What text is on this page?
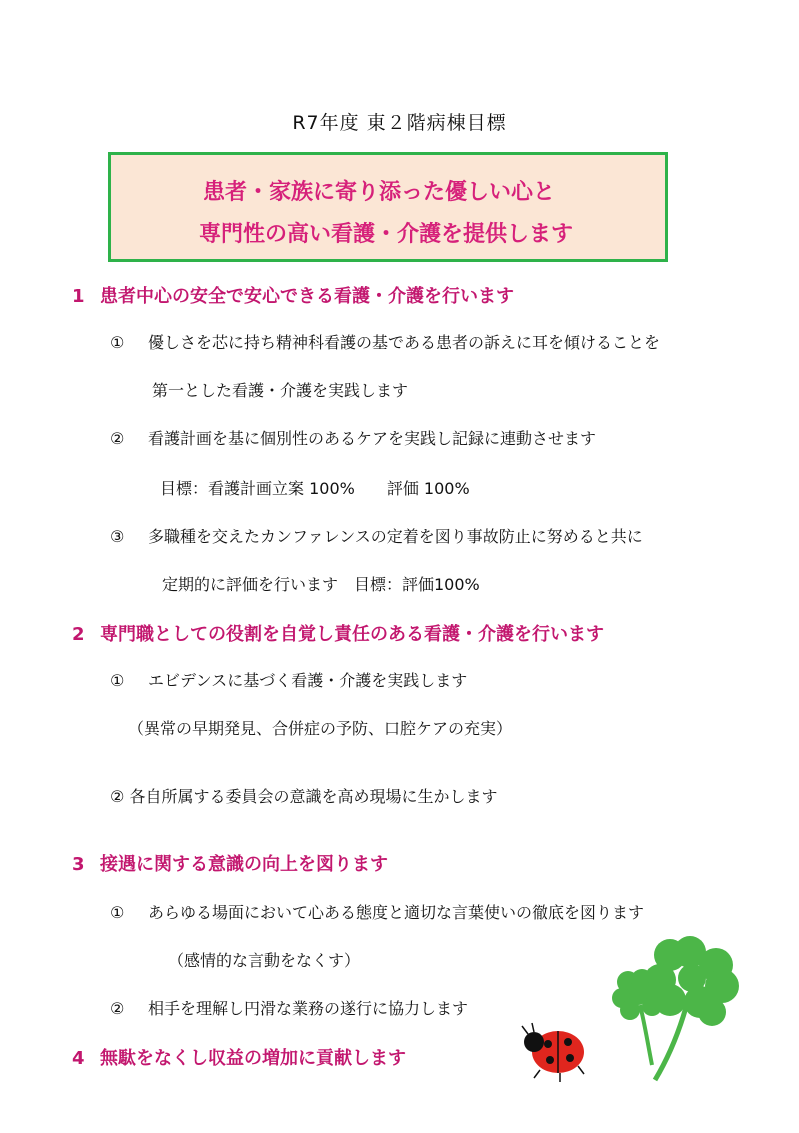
R7年度 東２階病棟目標
患者・家族に寄り添った優しい心と
専門性の高い看護・介護を提供します
1 患者中心の安全で安心できる看護・介護を行います
① 優しさを芯に持ち精神科看護の基である患者の訴えに耳を傾けることを
第一とした看護・介護を実践します
② 看護計画を基に個別性のあるケアを実践し記録に連動させます
目標：看護計画立案 100%　　評価 100%
③ 多職種を交えたカンファレンスの定着を図り事故防止に努めると共に
定期的に評価を行います　目標：評価100%
2 専門職としての役割を自覚し責任のある看護・介護を行います
① エビデンスに基づく看護・介護を実践します
（異常の早期発見、合併症の予防、口腔ケアの充実）
② 各自所属する委員会の意識を高め現場に生かします
3 接遇に関する意識の向上を図ります
① あらゆる場面において心ある態度と適切な言葉使いの徹底を図ります
（感情的な言動をなくす）
② 相手を理解し円滑な業務の遂行に協力します
4 無駄をなくし収益の増加に貢献します
